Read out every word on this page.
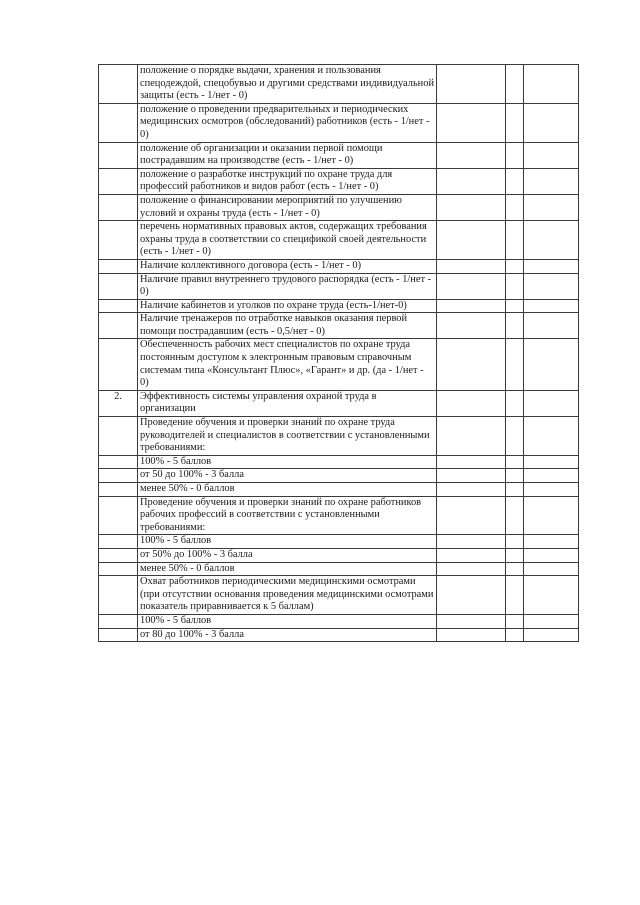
	положение о порядке выдачи, хранения и пользования спецодеждой, спецобувью и другими средствами индивидуальной защиты (есть - 1/нет - 0)			
	положение о проведении предварительных и периодических медицинских осмотров (обследований) работников (есть - 1/нет - 0)			
	положение об организации и оказании первой помощи пострадавшим на производстве (есть - 1/нет - 0)			
	положение о разработке инструкций по охране труда для профессий работников и видов работ (есть - 1/нет - 0)			
	положение о финансировании мероприятий по улучшению условий и охраны труда (есть - 1/нет - 0)			
	перечень нормативных правовых актов, содержащих требования охраны труда в соответствии со спецификой своей деятельности (есть - 1/нет - 0)			
	Наличие коллективного договора (есть - 1/нет - 0)			
	Наличие правил внутреннего трудового распорядка (есть - 1/нет - 0)			
	Наличие кабинетов и уголков по охране труда (есть-1/нет-0)			
	Наличие тренажеров по отработке навыков оказания первой помощи пострадавшим (есть - 0,5/нет - 0)			
	Обеспеченность рабочих мест специалистов по охране труда постоянным доступом к электронным правовым справочным системам типа «Консультант Плюс», «Гарант» и др. (да - 1/нет - 0)			
2.	Эффективность системы управления охраной труда в организации			
	Проведение обучения и проверки знаний по охране труда руководителей и специалистов в соответствии с установленными требованиями:			
	100% - 5 баллов			
	от 50 до 100% - 3 балла			
	менее 50% - 0 баллов			
	Проведение обучения и проверки знаний по охране работников рабочих профессий в соответствии с установленными требованиями:			
	100% - 5 баллов			
	от 50% до 100% - 3 балла			
	менее 50% - 0 баллов			
	Охват работников периодическими медицинскими осмотрами (при отсутствии основания проведения медицинскими осмотрами показатель приравнивается к 5 баллам)			
	100% - 5 баллов			
	от 80 до 100% - 3 балла			
